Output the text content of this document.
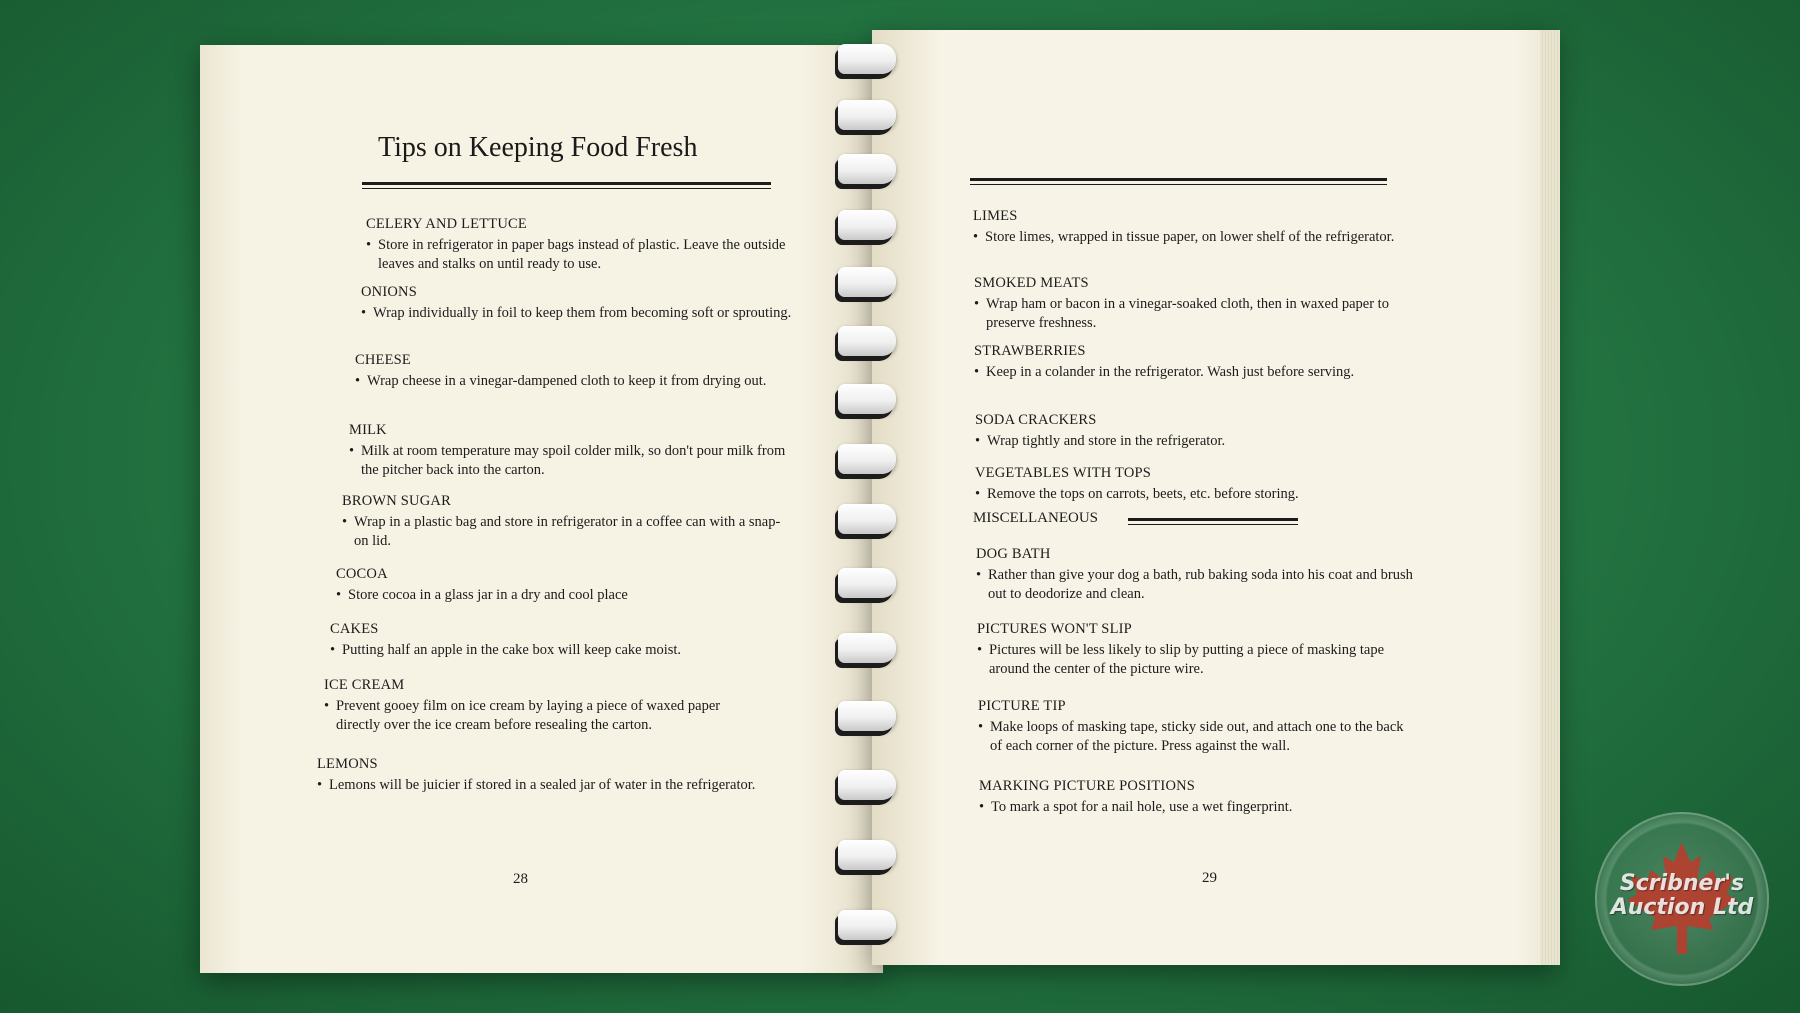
Tips on Keeping Food Fresh
CELERY AND LETTUCE
• Store in refrigerator in paper bags instead of plastic. Leave the outside leaves and stalks on until ready to use.
ONIONS
• Wrap individually in foil to keep them from becoming soft or sprouting.
CHEESE
• Wrap cheese in a vinegar-dampened cloth to keep it from drying out.
MILK
• Milk at room temperature may spoil colder milk, so don't pour milk from the pitcher back into the carton.
BROWN SUGAR
• Wrap in a plastic bag and store in refrigerator in a coffee can with a snap-on lid.
COCOA
• Store cocoa in a glass jar in a dry and cool place
CAKES
• Putting half an apple in the cake box will keep cake moist.
ICE CREAM
• Prevent gooey film on ice cream by laying a piece of waxed paper directly over the ice cream before resealing the carton.
LEMONS
• Lemons will be juicier if stored in a sealed jar of water in the refrigerator.
28
LIMES
• Store limes, wrapped in tissue paper, on lower shelf of the refrigerator.
SMOKED MEATS
• Wrap ham or bacon in a vinegar-soaked cloth, then in waxed paper to preserve freshness.
STRAWBERRIES
• Keep in a colander in the refrigerator. Wash just before serving.
SODA CRACKERS
• Wrap tightly and store in the refrigerator.
VEGETABLES WITH TOPS
• Remove the tops on carrots, beets, etc. before storing.
MISCELLANEOUS
DOG BATH
• Rather than give your dog a bath, rub baking soda into his coat and brush out to deodorize and clean.
PICTURES WON'T SLIP
• Pictures will be less likely to slip by putting a piece of masking tape around the center of the picture wire.
PICTURE TIP
• Make loops of masking tape, sticky side out, and attach one to the back of each corner of the picture. Press against the wall.
MARKING PICTURE POSITIONS
• To mark a spot for a nail hole, use a wet fingerprint.
29	Scribner's
Auction Ltd
